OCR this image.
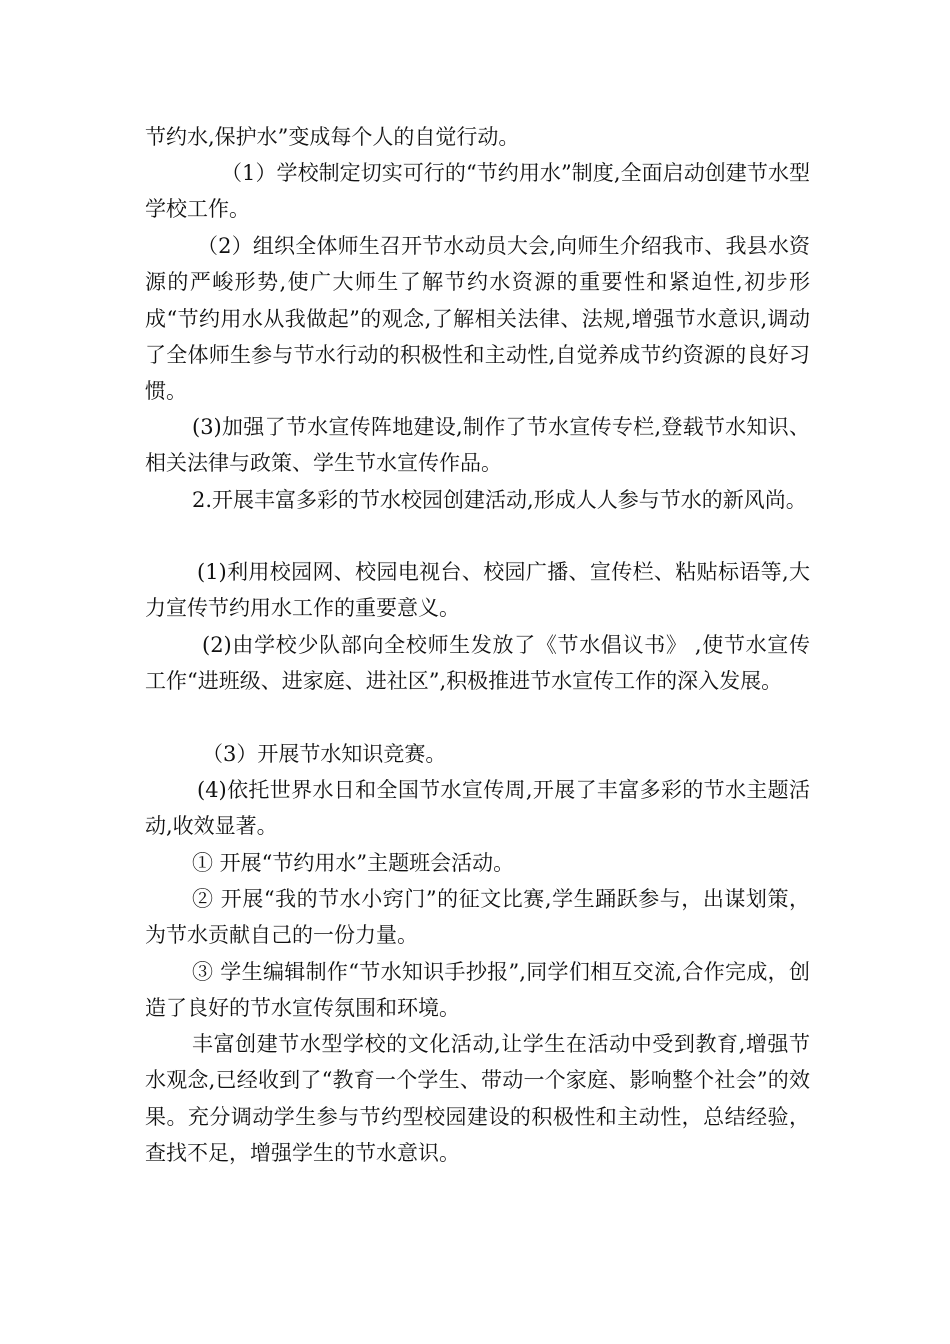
节约水,保护水”变成每个人的自觉行动。

（1）学校制定切实可行的“节约用水”制度,全面启动创建节水型学校工作。

（2）组织全体师生召开节水动员大会,向师生介绍我市、我县水资源的严峻形势,使广大师生了解节约水资源的重要性和紧迫性,初步形成“节约用水从我做起”的观念,了解相关法律、法规,增强节水意识,调动了全体师生参与节水行动的积极性和主动性,自觉养成节约资源的良好习惯。

(3)加强了节水宣传阵地建设,制作了节水宣传专栏,登载节水知识、相关法律与政策、学生节水宣传作品。

2.开展丰富多彩的节水校园创建活动,形成人人参与节水的新风尚。

(1)利用校园网、校园电视台、校园广播、宣传栏、粘贴标语等,大力宣传节约用水工作的重要意义。

(2)由学校少队部向全校师生发放了《节水倡议书》 ,使节水宣传工作“进班级、进家庭、进社区”,积极推进节水宣传工作的深入发展。

（3）开展节水知识竞赛。

(4)依托世界水日和全国节水宣传周,开展了丰富多彩的节水主题活动,收效显著。

① 开展“节约用水”主题班会活动。

② 开展“我的节水小窍门”的征文比赛,学生踊跃参与，出谋划策，为节水贡献自己的一份力量。

③ 学生编辑制作“节水知识手抄报”,同学们相互交流,合作完成，创造了良好的节水宣传氛围和环境。

丰富创建节水型学校的文化活动,让学生在活动中受到教育,增强节水观念,已经收到了“教育一个学生、带动一个家庭、影响整个社会”的效果。充分调动学生参与节约型校园建设的积极性和主动性，总结经验，查找不足，增强学生的节水意识。
